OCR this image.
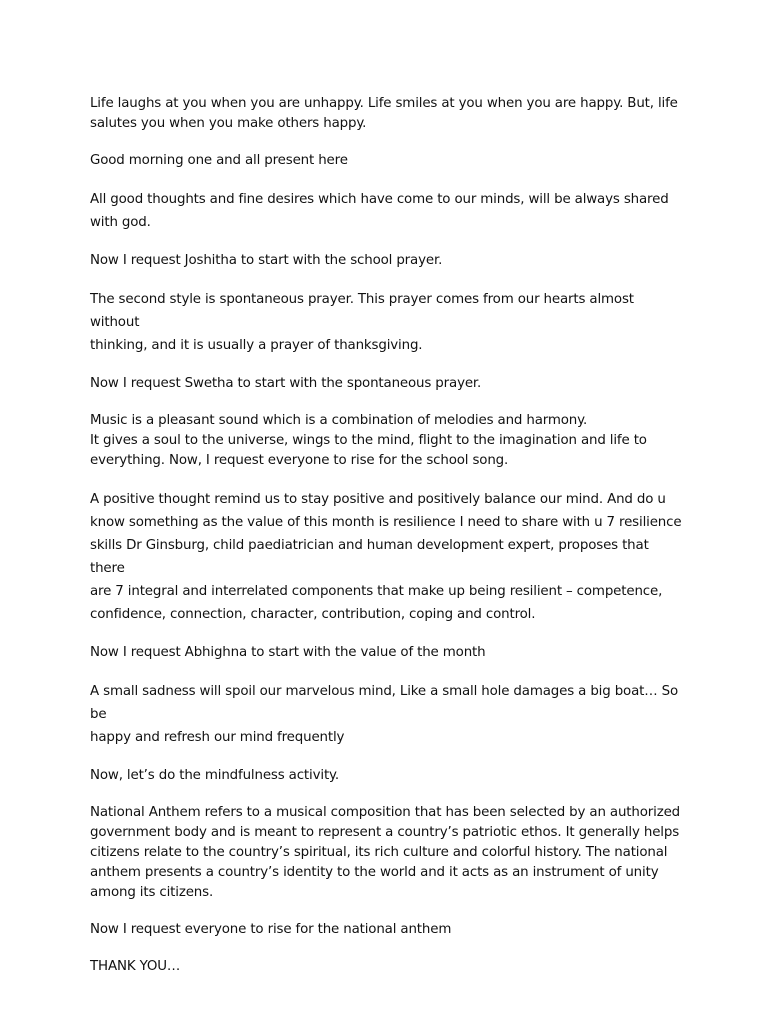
Life laughs at you when you are unhappy. Life smiles at you when you are happy. But, life
salutes you when you make others happy.

Good morning one and all present here

All good thoughts and fine desires which have come to our minds, will be always shared
with god.

Now I request Joshitha to start with the school prayer.

The second style is spontaneous prayer. This prayer comes from our hearts almost without
thinking, and it is usually a prayer of thanksgiving.

Now I request Swetha to start with the spontaneous prayer.

Music is a pleasant sound which is a combination of melodies and harmony.
It gives a soul to the universe, wings to the mind, flight to the imagination and life to
everything. Now, I request everyone to rise for the school song.

A positive thought remind us to stay positive and positively balance our mind. And do u
know something as the value of this month is resilience I need to share with u 7 resilience
skills Dr Ginsburg, child paediatrician and human development expert, proposes that there
are 7 integral and interrelated components that make up being resilient – competence,
confidence, connection, character, contribution, coping and control.

Now I request Abhighna to start with the value of the month

A small sadness will spoil our marvelous mind, Like a small hole damages a big boat… So be
happy and refresh our mind frequently

Now, let’s do the mindfulness activity.

National Anthem refers to a musical composition that has been selected by an authorized
government body and is meant to represent a country’s patriotic ethos. It generally helps
citizens relate to the country’s spiritual, its rich culture and colorful history. The national
anthem presents a country’s identity to the world and it acts as an instrument of unity
among its citizens.

Now I request everyone to rise for the national anthem

THANK YOU…
